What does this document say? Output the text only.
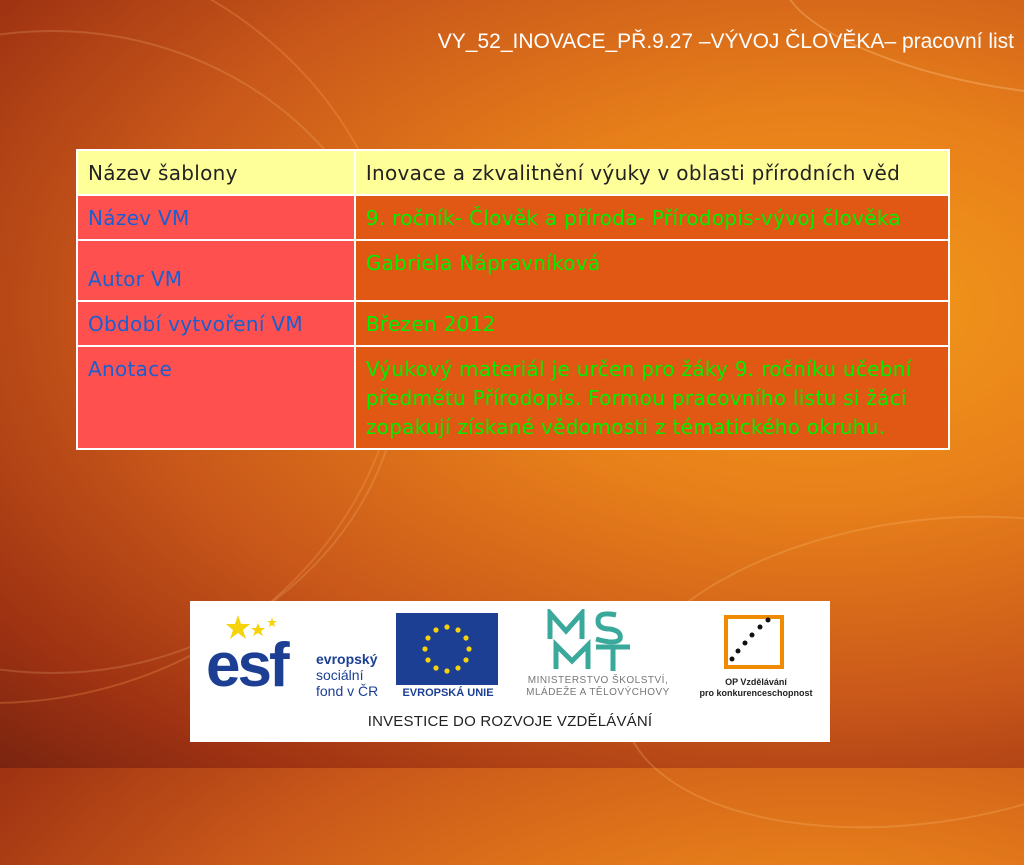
VY_52_INOVACE_PŘ.9.27 –VÝVOJ ČLOVĚKA– pracovní list
Název šablony	Inovace a zkvalitnění výuky v oblasti přírodních věd
Název VM	9. ročník- Člověk a příroda- Přírodopis-vývoj člověka
Autor VM	Gabriela Nápravníková
Období vytvoření VM	Březen 2012
Anotace	Výukový materiál je určen pro žáky 9. ročníku učební předmětu Přírodopis. Formou pracovního listu si žáci zopakují získané vědomosti z tématického okruhu.
esf evropský
sociální
fond v ČR	EVROPSKÁ UNIE
MINISTERSTVO ŠKOLSTVÍ,
MLÁDEŽE A TĚLOVÝCHOVY
OP Vzdělávání
pro konkurenceschopnost
INVESTICE DO ROZVOJE VZDĚLÁVÁNÍ
